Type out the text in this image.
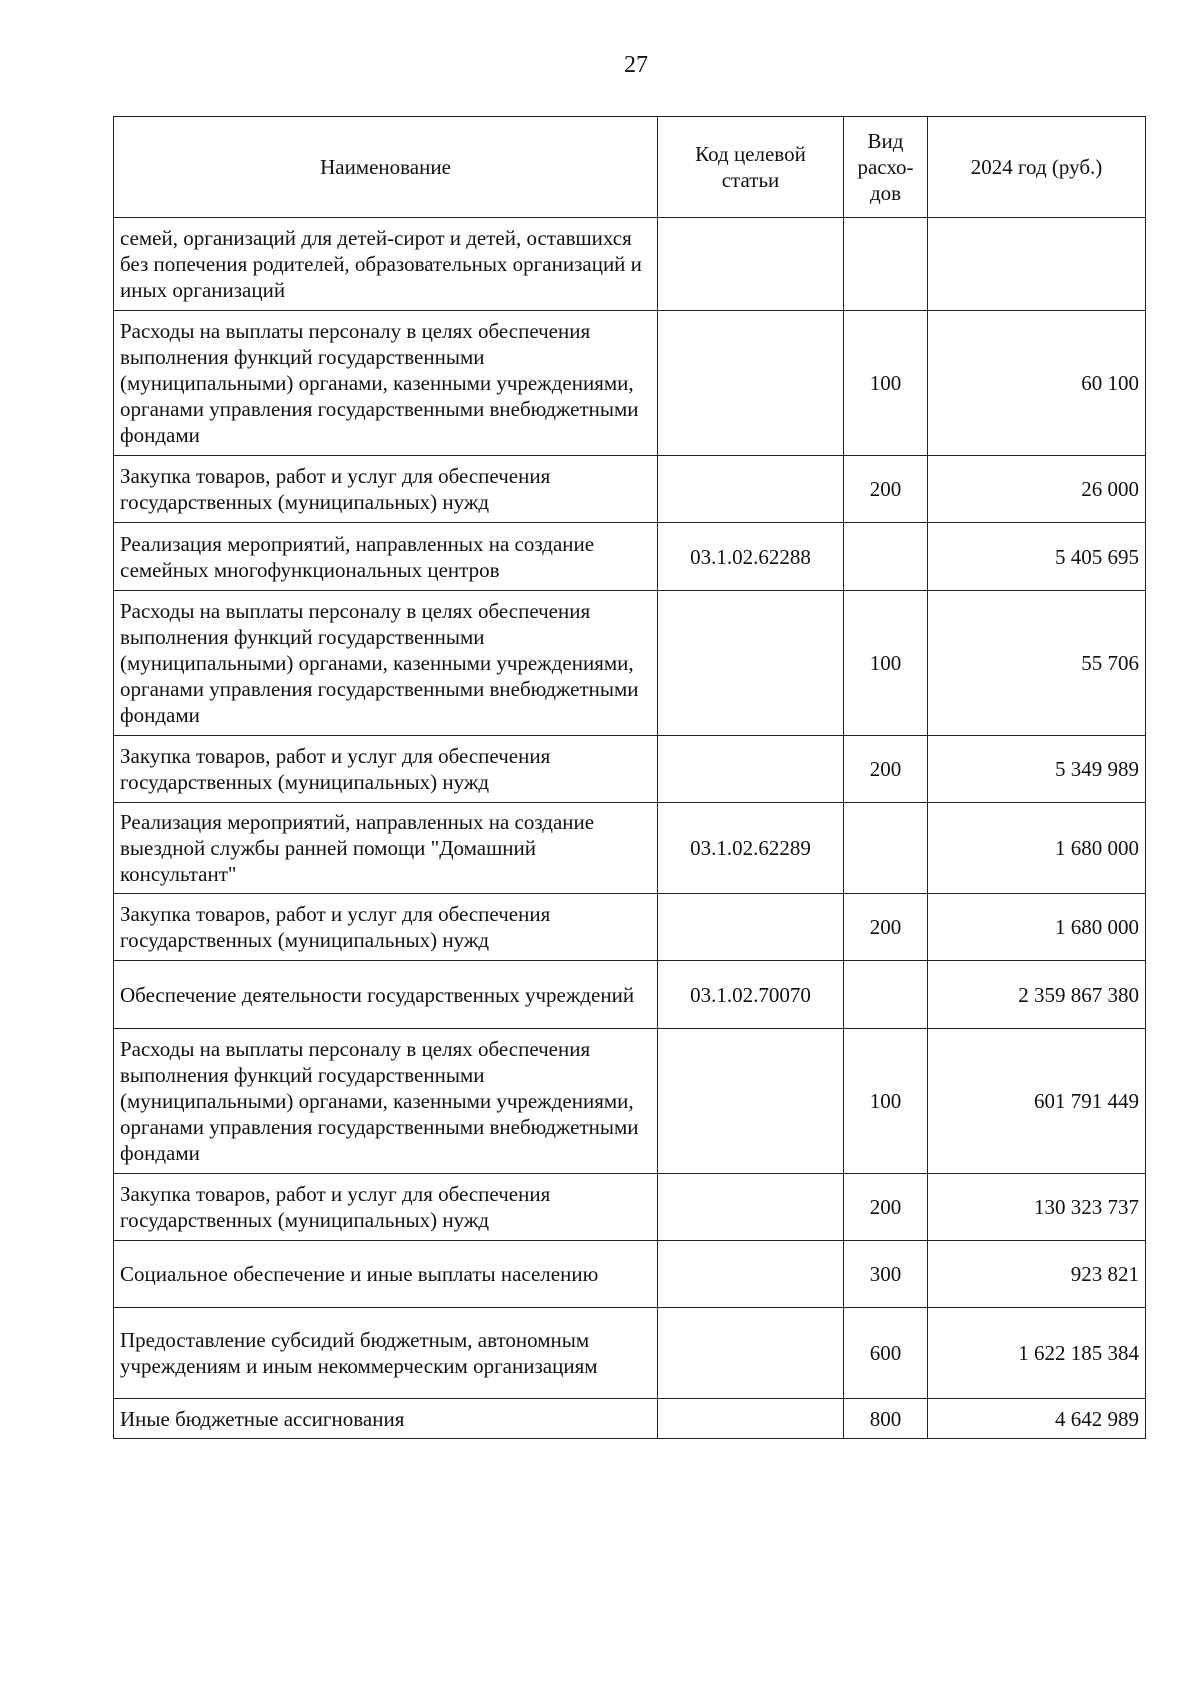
27
Наименование	Код целевой статьи	Вид расхо-дов	2024 год (руб.)
семей, организаций для детей-сирот и детей, оставшихся без попечения родителей, образовательных организаций и иных организаций			
Расходы на выплаты персоналу в целях обеспечения выполнения функций государственными (муниципальными) органами, казенными учреждениями, органами управления государственными внебюджетными фондами		100	60 100
Закупка товаров, работ и услуг для обеспечения государственных (муниципальных) нужд		200	26 000
Реализация мероприятий, направленных на создание семейных многофункциональных центров	03.1.02.62288		5 405 695
Расходы на выплаты персоналу в целях обеспечения выполнения функций государственными (муниципальными) органами, казенными учреждениями, органами управления государственными внебюджетными фондами		100	55 706
Закупка товаров, работ и услуг для обеспечения государственных (муниципальных) нужд		200	5 349 989
Реализация мероприятий, направленных на создание выездной службы ранней помощи "Домашний консультант"	03.1.02.62289		1 680 000
Закупка товаров, работ и услуг для обеспечения государственных (муниципальных) нужд		200	1 680 000
Обеспечение деятельности государственных учреждений	03.1.02.70070		2 359 867 380
Расходы на выплаты персоналу в целях обеспечения выполнения функций государственными (муниципальными) органами, казенными учреждениями, органами управления государственными внебюджетными фондами		100	601 791 449
Закупка товаров, работ и услуг для обеспечения государственных (муниципальных) нужд		200	130 323 737
Социальное обеспечение и иные выплаты населению		300	923 821
Предоставление субсидий бюджетным, автономным учреждениям и иным некоммерческим организациям		600	1 622 185 384
Иные бюджетные ассигнования		800	4 642 989
